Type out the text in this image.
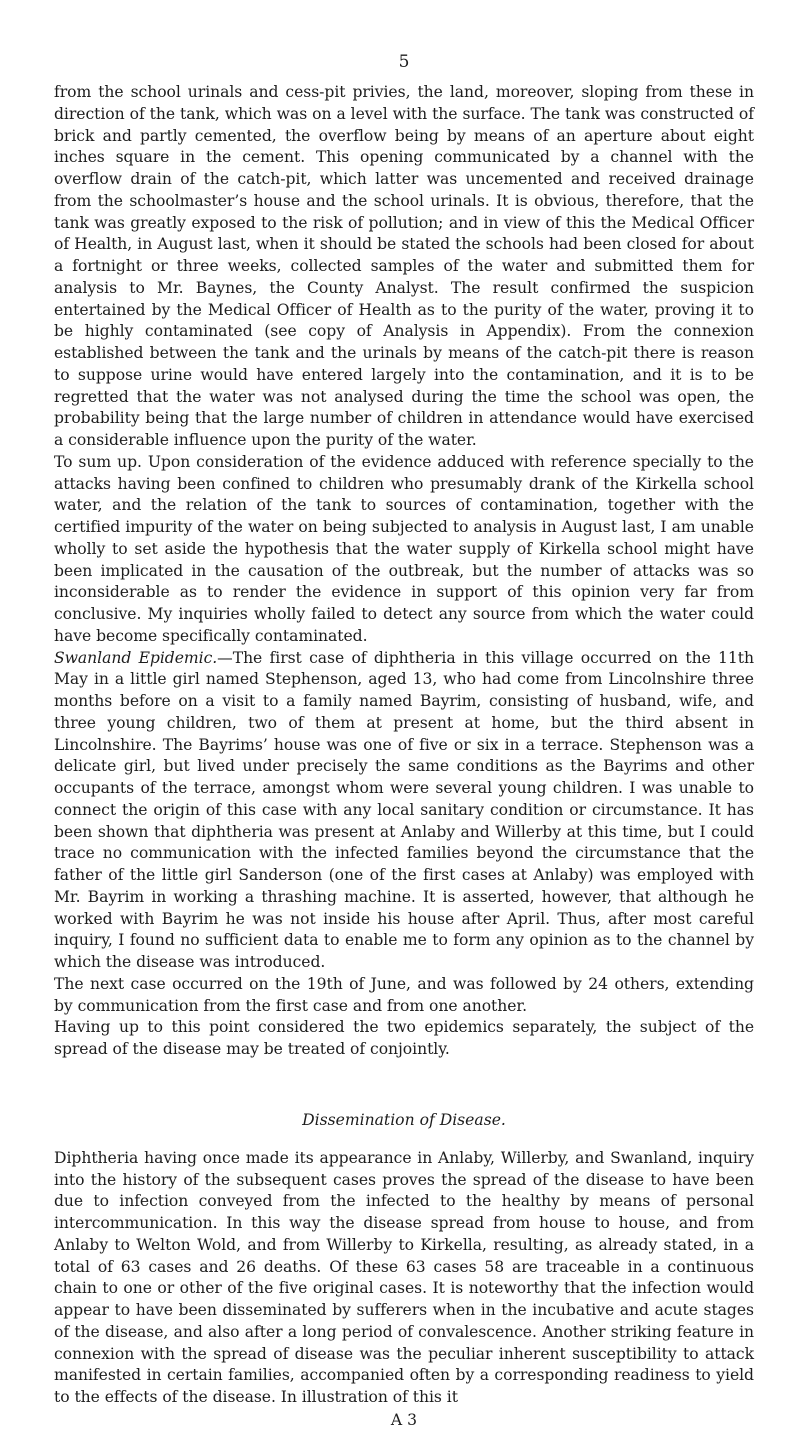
5

from the school urinals and cess-pit privies, the land, moreover, sloping from these in direction of the tank, which was on a level with the surface. The tank was constructed of brick and partly cemented, the overflow being by means of an aperture about eight inches square in the cement. This opening communicated by a channel with the overflow drain of the catch-pit, which latter was uncemented and received drainage from the schoolmaster’s house and the school urinals. It is obvious, therefore, that the tank was greatly exposed to the risk of pollution; and in view of this the Medical Officer of Health, in August last, when it should be stated the schools had been closed for about a fortnight or three weeks, collected samples of the water and submitted them for analysis to Mr. Baynes, the County Analyst. The result confirmed the suspicion entertained by the Medical Officer of Health as to the purity of the water, proving it to be highly contaminated (see copy of Analysis in Appendix). From the connexion established between the tank and the urinals by means of the catch-pit there is reason to suppose urine would have entered largely into the contamination, and it is to be regretted that the water was not analysed during the time the school was open, the probability being that the large number of children in attendance would have exercised a considerable influence upon the purity of the water.

To sum up. Upon consideration of the evidence adduced with reference specially to the attacks having been confined to children who presumably drank of the Kirkella school water, and the relation of the tank to sources of contamination, together with the certified impurity of the water on being subjected to analysis in August last, I am unable wholly to set aside the hypothesis that the water supply of Kirkella school might have been implicated in the causation of the outbreak, but the number of attacks was so inconsiderable as to render the evidence in support of this opinion very far from conclusive. My inquiries wholly failed to detect any source from which the water could have become specifically contaminated.

Swanland Epidemic.—The first case of diphtheria in this village occurred on the 11th May in a little girl named Stephenson, aged 13, who had come from Lincolnshire three months before on a visit to a family named Bayrim, consisting of husband, wife, and three young children, two of them at present at home, but the third absent in Lincolnshire. The Bayrims’ house was one of five or six in a terrace. Stephenson was a delicate girl, but lived under precisely the same conditions as the Bayrims and other occupants of the terrace, amongst whom were several young children. I was unable to connect the origin of this case with any local sanitary condition or circumstance. It has been shown that diphtheria was present at Anlaby and Willerby at this time, but I could trace no communication with the infected families beyond the circumstance that the father of the little girl Sanderson (one of the first cases at Anlaby) was employed with Mr. Bayrim in working a thrashing machine. It is asserted, however, that although he worked with Bayrim he was not inside his house after April. Thus, after most careful inquiry, I found no sufficient data to enable me to form any opinion as to the channel by which the disease was introduced.

The next case occurred on the 19th of June, and was followed by 24 others, extending by communication from the first case and from one another.

Having up to this point considered the two epidemics separately, the subject of the spread of the disease may be treated of conjointly.

Dissemination of Disease.

Diphtheria having once made its appearance in Anlaby, Willerby, and Swanland, inquiry into the history of the subsequent cases proves the spread of the disease to have been due to infection conveyed from the infected to the healthy by means of personal intercommunication. In this way the disease spread from house to house, and from Anlaby to Welton Wold, and from Willerby to Kirkella, resulting, as already stated, in a total of 63 cases and 26 deaths. Of these 63 cases 58 are traceable in a continuous chain to one or other of the five original cases. It is noteworthy that the infection would appear to have been disseminated by sufferers when in the incubative and acute stages of the disease, and also after a long period of convalescence. Another striking feature in connexion with the spread of disease was the peculiar inherent susceptibility to attack manifested in certain families, accompanied often by a corresponding readiness to yield to the effects of the disease. In illustration of this it

A 3
